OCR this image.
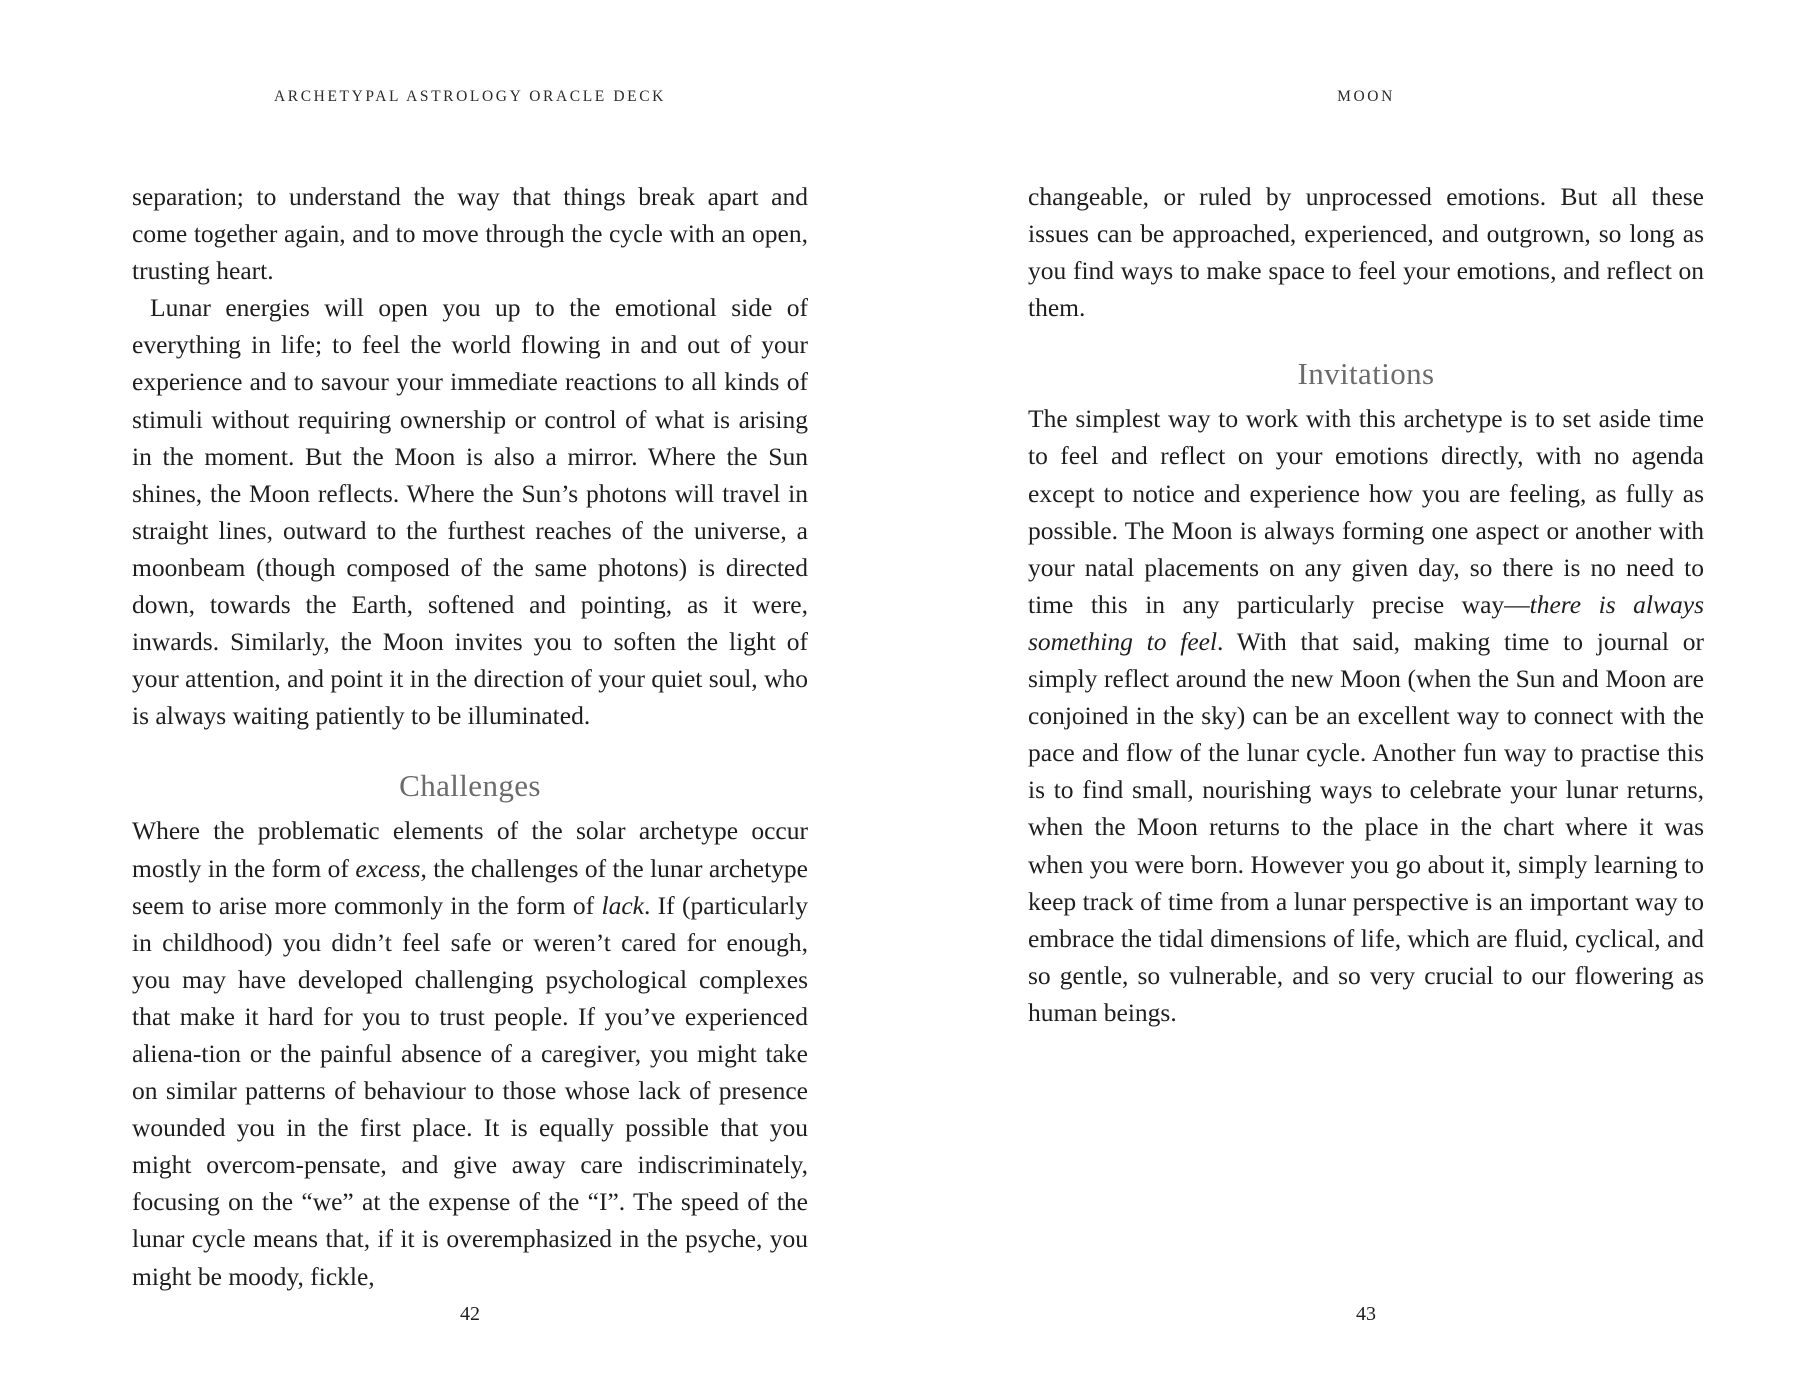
ARCHETYPAL ASTROLOGY ORACLE DECK

separation; to understand the way that things break apart and come together again, and to move through the cycle with an open, trusting heart.

Lunar energies will open you up to the emotional side of everything in life; to feel the world flowing in and out of your experience and to savour your immediate reactions to all kinds of stimuli without requiring ownership or control of what is arising in the moment. But the Moon is also a mirror. Where the Sun shines, the Moon reflects. Where the Sun’s photons will travel in straight lines, outward to the furthest reaches of the universe, a moonbeam (though composed of the same photons) is directed down, towards the Earth, softened and pointing, as it were, inwards. Similarly, the Moon invites you to soften the light of your attention, and point it in the direction of your quiet soul, who is always waiting patiently to be illuminated.

Challenges

Where the problematic elements of the solar archetype occur mostly in the form of excess, the challenges of the lunar archetype seem to arise more commonly in the form of lack. If (particularly in childhood) you didn’t feel safe or weren’t cared for enough, you may have developed challenging psychological complexes that make it hard for you to trust people. If you’ve experienced aliena-tion or the painful absence of a caregiver, you might take on similar patterns of behaviour to those whose lack of presence wounded you in the first place. It is equally possible that you might overcom-pensate, and give away care indiscriminately, focusing on the “we” at the expense of the “I”. The speed of the lunar cycle means that, if it is overemphasized in the psyche, you might be moody, fickle,

42
MOON

changeable, or ruled by unprocessed emotions. But all these issues can be approached, experienced, and outgrown, so long as you find ways to make space to feel your emotions, and reflect on them.

Invitations

The simplest way to work with this archetype is to set aside time to feel and reflect on your emotions directly, with no agenda except to notice and experience how you are feeling, as fully as possible. The Moon is always forming one aspect or another with your natal placements on any given day, so there is no need to time this in any particularly precise way—there is always something to feel. With that said, making time to journal or simply reflect around the new Moon (when the Sun and Moon are conjoined in the sky) can be an excellent way to connect with the pace and flow of the lunar cycle. Another fun way to practise this is to find small, nourishing ways to celebrate your lunar returns, when the Moon returns to the place in the chart where it was when you were born. However you go about it, simply learning to keep track of time from a lunar perspective is an important way to embrace the tidal dimensions of life, which are fluid, cyclical, and so gentle, so vulnerable, and so very crucial to our flowering as human beings.

43
